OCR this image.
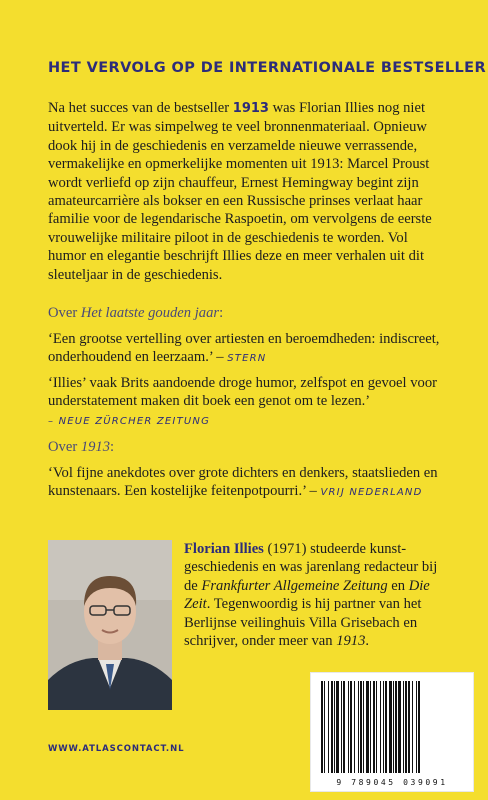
HET VERVOLG OP DE INTERNATIONALE BESTSELLER

Na het succes van de bestseller 1913 was Florian Illies nog niet uitverteld. Er was simpelweg te veel bronnenmateriaal. Opnieuw dook hij in de geschiedenis en verzamelde nieuwe verrassende, vermakelijke en opmerkelijke momenten uit 1913: Marcel Proust wordt verliefd op zijn chauffeur, Ernest Hemingway begint zijn amateurcarrière als bokser en een Russische prinses verlaat haar familie voor de legendarische Raspoetin, om vervolgens de eerste vrouwelijke militaire piloot in de geschiedenis te worden. Vol humor en elegantie beschrijft Illies deze en meer verhalen uit dit sleuteljaar in de geschiedenis.

Over Het laatste gouden jaar:

‘Een grootse vertelling over artiesten en beroemdheden: indiscreet, onderhoudend en leerzaam.’ – STERN

‘Illies’ vaak Brits aandoende droge humor, zelfspot en gevoel voor understatement maken dit boek een genot om te lezen.’
– NEUE ZÜRCHER ZEITUNG

Over 1913:

‘Vol fijne anekdotes over grote dichters en denkers, staatslieden en kunstenaars. Een kostelijke feitenpotpourri.’ – VRIJ NEDERLAND

Florian Illies (1971) studeerde kunstgeschiedenis en was jarenlang redacteur bij de Frankfurter Allgemeine Zeitung en Die Zeit. Tegenwoordig is hij partner van het Berlijnse veilinghuis Villa Grisebach en schrijver, onder meer van 1913.

WWW.ATLASCONTACT.NL
9 789045 039091
